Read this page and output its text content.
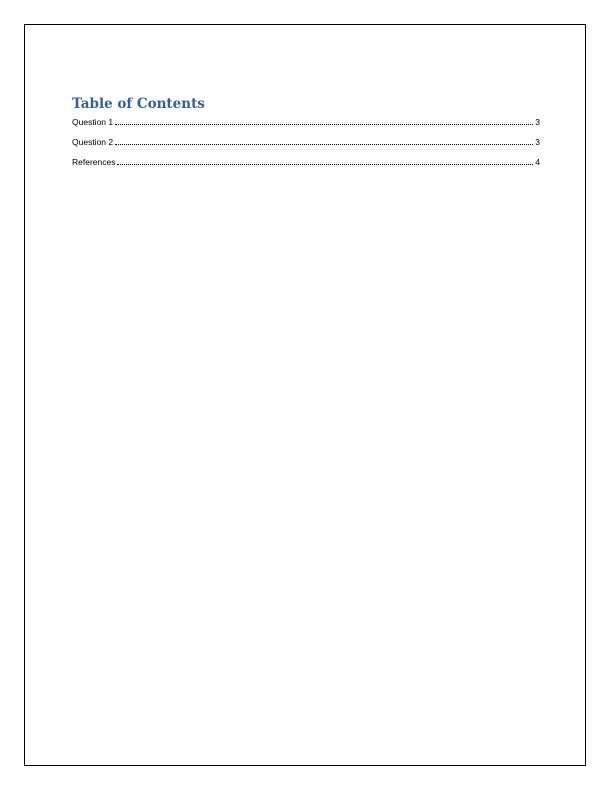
Table of Contents
Question 1	3
Question 2	3
References	4
